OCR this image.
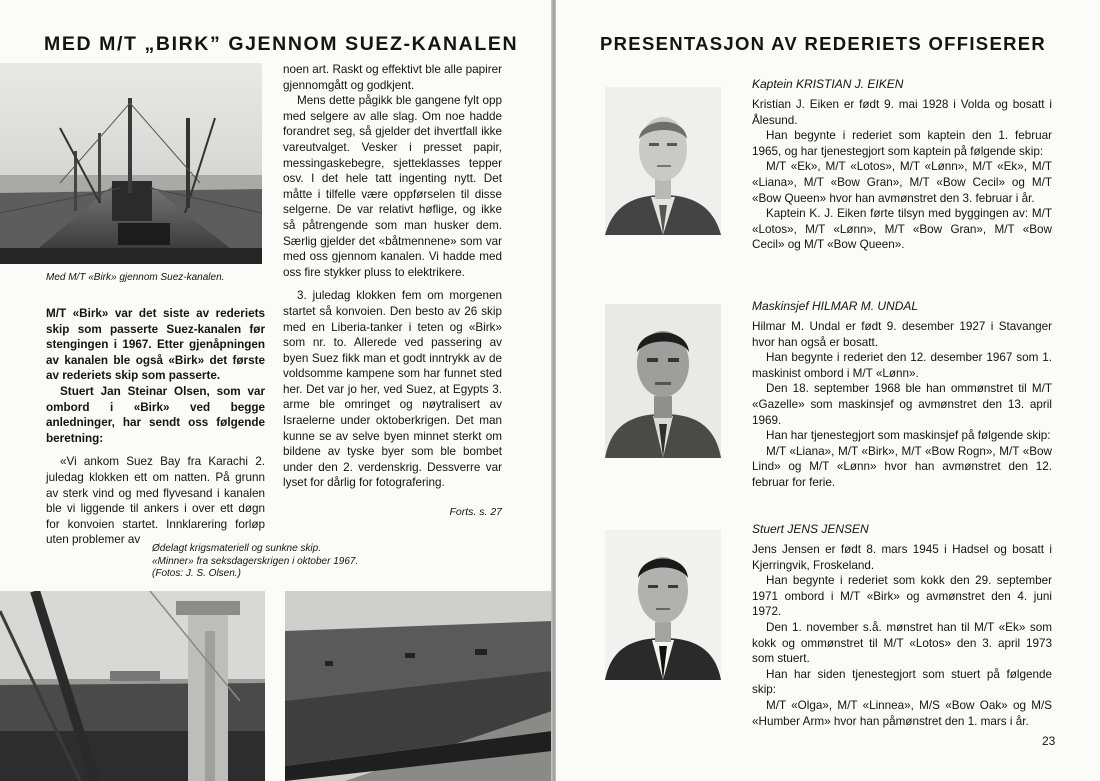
MED M/T „BIRK” GJENNOM SUEZ-KANALEN
Med M/T «Birk» gjennom Suez-kanalen.

M/T «Birk» var det siste av rederiets skip som passerte Suez-kanalen før stengingen i 1967. Etter gjenåpningen av kanalen ble også «Birk» det første av rederiets skip som passerte.

Stuert Jan Steinar Olsen, som var ombord i «Birk» ved begge anledninger, har sendt oss følgende beretning:

«Vi ankom Suez Bay fra Karachi 2. juledag klokken ett om natten. På grunn av sterk vind og med flyvesand i kanalen ble vi liggende til ankers i over ett døgn for konvoien startet. Innklarering forløp uten problemer av

noen art. Raskt og effektivt ble alle papirer gjennomgått og godkjent.

Mens dette pågikk ble gangene fylt opp med selgere av alle slag. Om noe hadde forandret seg, så gjelder det ihvertfall ikke vareutvalget. Vesker i presset papir, messingaskebegre, sjetteklasses tepper osv. I det hele tatt ingenting nytt. Det måtte i tilfelle være oppførselen til disse selgerne. De var relativt høflige, og ikke så påtrengende som man husker dem. Særlig gjelder det «båtmennene» som var med oss gjennom kanalen. Vi hadde med oss fire stykker pluss to elektrikere.

3. juledag klokken fem om morgenen startet så konvoien. Den besto av 26 skip med en Liberia-tanker i teten og «Birk» som nr. to. Allerede ved passering av byen Suez fikk man et godt inntrykk av de voldsomme kampene som har funnet sted her. Det var jo her, ved Suez, at Egypts 3. arme ble omringet og nøytralisert av Israelerne under oktoberkrigen. Det man kunne se av selve byen minnet sterkt om bildene av tyske byer som ble bombet under den 2. verdenskrig. Dessverre var lyset for dårlig for fotografering.

Forts. s. 27
Ødelagt krigsmateriell og sunkne skip.
«Minner» fra seksdagerskrigen i oktober 1967.
(Fotos: J. S. Olsen.)
PRESENTASJON AV REDERIETS OFFISERER
Kaptein KRISTIAN J. EIKEN

Kristian J. Eiken er født 9. mai 1928 i Volda og bosatt i Ålesund.

Han begynte i rederiet som kaptein den 1. februar 1965, og har tjenestegjort som kaptein på følgende skip:

M/T «Ek», M/T «Lotos», M/T «Lønn», M/T «Ek», M/T «Liana», M/T «Bow Gran», M/T «Bow Cecil» og M/T «Bow Queen» hvor han avmønstret den 3. februar i år.

Kaptein K. J. Eiken førte tilsyn med byggingen av: M/T «Lotos», M/T «Lønn», M/T «Bow Gran», M/T «Bow Cecil» og M/T «Bow Queen».

Maskinsjef HILMAR M. UNDAL

Hilmar M. Undal er født 9. desember 1927 i Stavanger hvor han også er bosatt.

Han begynte i rederiet den 12. desember 1967 som 1. maskinist ombord i M/T «Lønn».

Den 18. september 1968 ble han ommønstret til M/T «Gazelle» som maskinsjef og avmønstret den 13. april 1969.

Han har tjenestegjort som maskinsjef på følgende skip:

M/T «Liana», M/T «Birk», M/T «Bow Rogn», M/T «Bow Lind» og M/T «Lønn» hvor han avmønstret den 12. februar for ferie.

Stuert JENS JENSEN

Jens Jensen er født 8. mars 1945 i Hadsel og bosatt i Kjerringvik, Froskeland.

Han begynte i rederiet som kokk den 29. september 1971 ombord i M/T «Birk» og avmønstret den 4. juni 1972.

Den 1. november s.å. mønstret han til M/T «Ek» som kokk og ommønstret til M/T «Lotos» den 3. april 1973 som stuert.

Han har siden tjenestegjort som stuert på følgende skip:

M/T «Olga», M/T «Linnea», M/S «Bow Oak» og M/S «Humber Arm» hvor han påmønstret den 1. mars i år.

23
